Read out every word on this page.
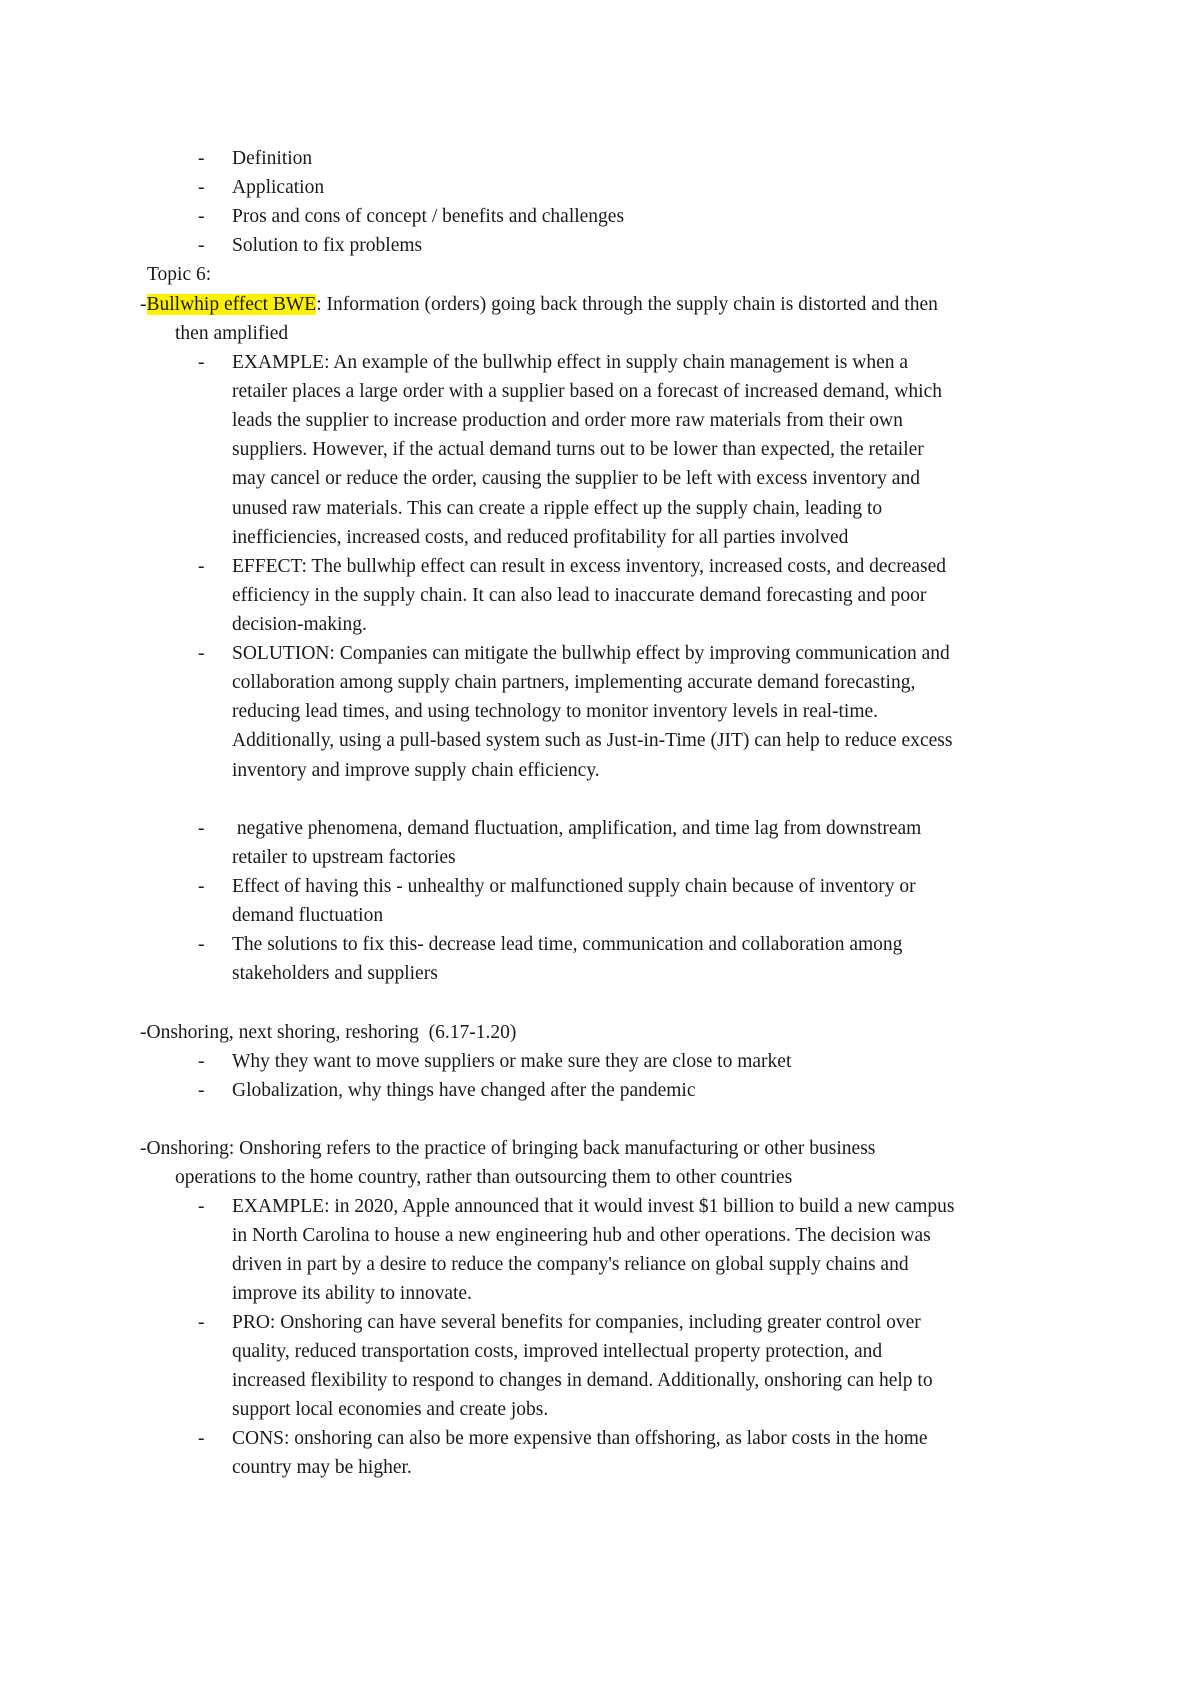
- Definition
- Application
- Pros and cons of concept / benefits and challenges
- Solution to fix problems
Topic 6:
-Bullwhip effect BWE: Information (orders) going back through the supply chain is distorted and then
then amplified
- EXAMPLE: An example of the bullwhip effect in supply chain management is when a
retailer places a large order with a supplier based on a forecast of increased demand, which
leads the supplier to increase production and order more raw materials from their own
suppliers. However, if the actual demand turns out to be lower than expected, the retailer
may cancel or reduce the order, causing the supplier to be left with excess inventory and
unused raw materials. This can create a ripple effect up the supply chain, leading to
inefficiencies, increased costs, and reduced profitability for all parties involved
- EFFECT: The bullwhip effect can result in excess inventory, increased costs, and decreased
efficiency in the supply chain. It can also lead to inaccurate demand forecasting and poor
decision-making.
- SOLUTION: Companies can mitigate the bullwhip effect by improving communication and
collaboration among supply chain partners, implementing accurate demand forecasting,
reducing lead times, and using technology to monitor inventory levels in real-time.
Additionally, using a pull-based system such as Just-in-Time (JIT) can help to reduce excess
inventory and improve supply chain efficiency.
- negative phenomena, demand fluctuation, amplification, and time lag from downstream
retailer to upstream factories
- Effect of having this - unhealthy or malfunctioned supply chain because of inventory or
demand fluctuation
- The solutions to fix this- decrease lead time, communication and collaboration among
stakeholders and suppliers
-Onshoring, next shoring, reshoring  (6.17-1.20)
- Why they want to move suppliers or make sure they are close to market
- Globalization, why things have changed after the pandemic
-Onshoring: Onshoring refers to the practice of bringing back manufacturing or other business
operations to the home country, rather than outsourcing them to other countries
- EXAMPLE: in 2020, Apple announced that it would invest $1 billion to build a new campus
in North Carolina to house a new engineering hub and other operations. The decision was
driven in part by a desire to reduce the company's reliance on global supply chains and
improve its ability to innovate.
- PRO: Onshoring can have several benefits for companies, including greater control over
quality, reduced transportation costs, improved intellectual property protection, and
increased flexibility to respond to changes in demand. Additionally, onshoring can help to
support local economies and create jobs.
- CONS: onshoring can also be more expensive than offshoring, as labor costs in the home
country may be higher.
